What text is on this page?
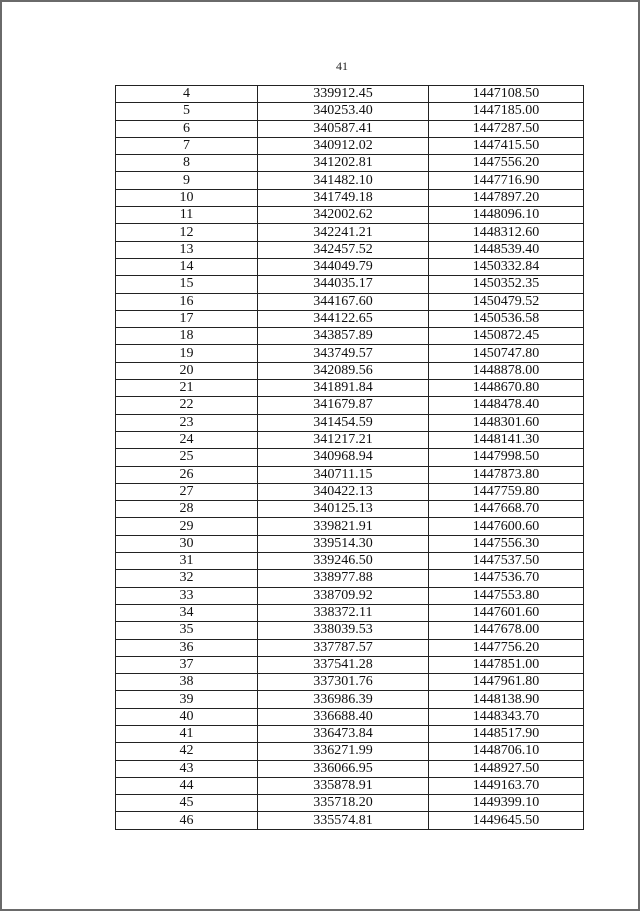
41
4	339912.45	1447108.50
5	340253.40	1447185.00
6	340587.41	1447287.50
7	340912.02	1447415.50
8	341202.81	1447556.20
9	341482.10	1447716.90
10	341749.18	1447897.20
11	342002.62	1448096.10
12	342241.21	1448312.60
13	342457.52	1448539.40
14	344049.79	1450332.84
15	344035.17	1450352.35
16	344167.60	1450479.52
17	344122.65	1450536.58
18	343857.89	1450872.45
19	343749.57	1450747.80
20	342089.56	1448878.00
21	341891.84	1448670.80
22	341679.87	1448478.40
23	341454.59	1448301.60
24	341217.21	1448141.30
25	340968.94	1447998.50
26	340711.15	1447873.80
27	340422.13	1447759.80
28	340125.13	1447668.70
29	339821.91	1447600.60
30	339514.30	1447556.30
31	339246.50	1447537.50
32	338977.88	1447536.70
33	338709.92	1447553.80
34	338372.11	1447601.60
35	338039.53	1447678.00
36	337787.57	1447756.20
37	337541.28	1447851.00
38	337301.76	1447961.80
39	336986.39	1448138.90
40	336688.40	1448343.70
41	336473.84	1448517.90
42	336271.99	1448706.10
43	336066.95	1448927.50
44	335878.91	1449163.70
45	335718.20	1449399.10
46	335574.81	1449645.50
